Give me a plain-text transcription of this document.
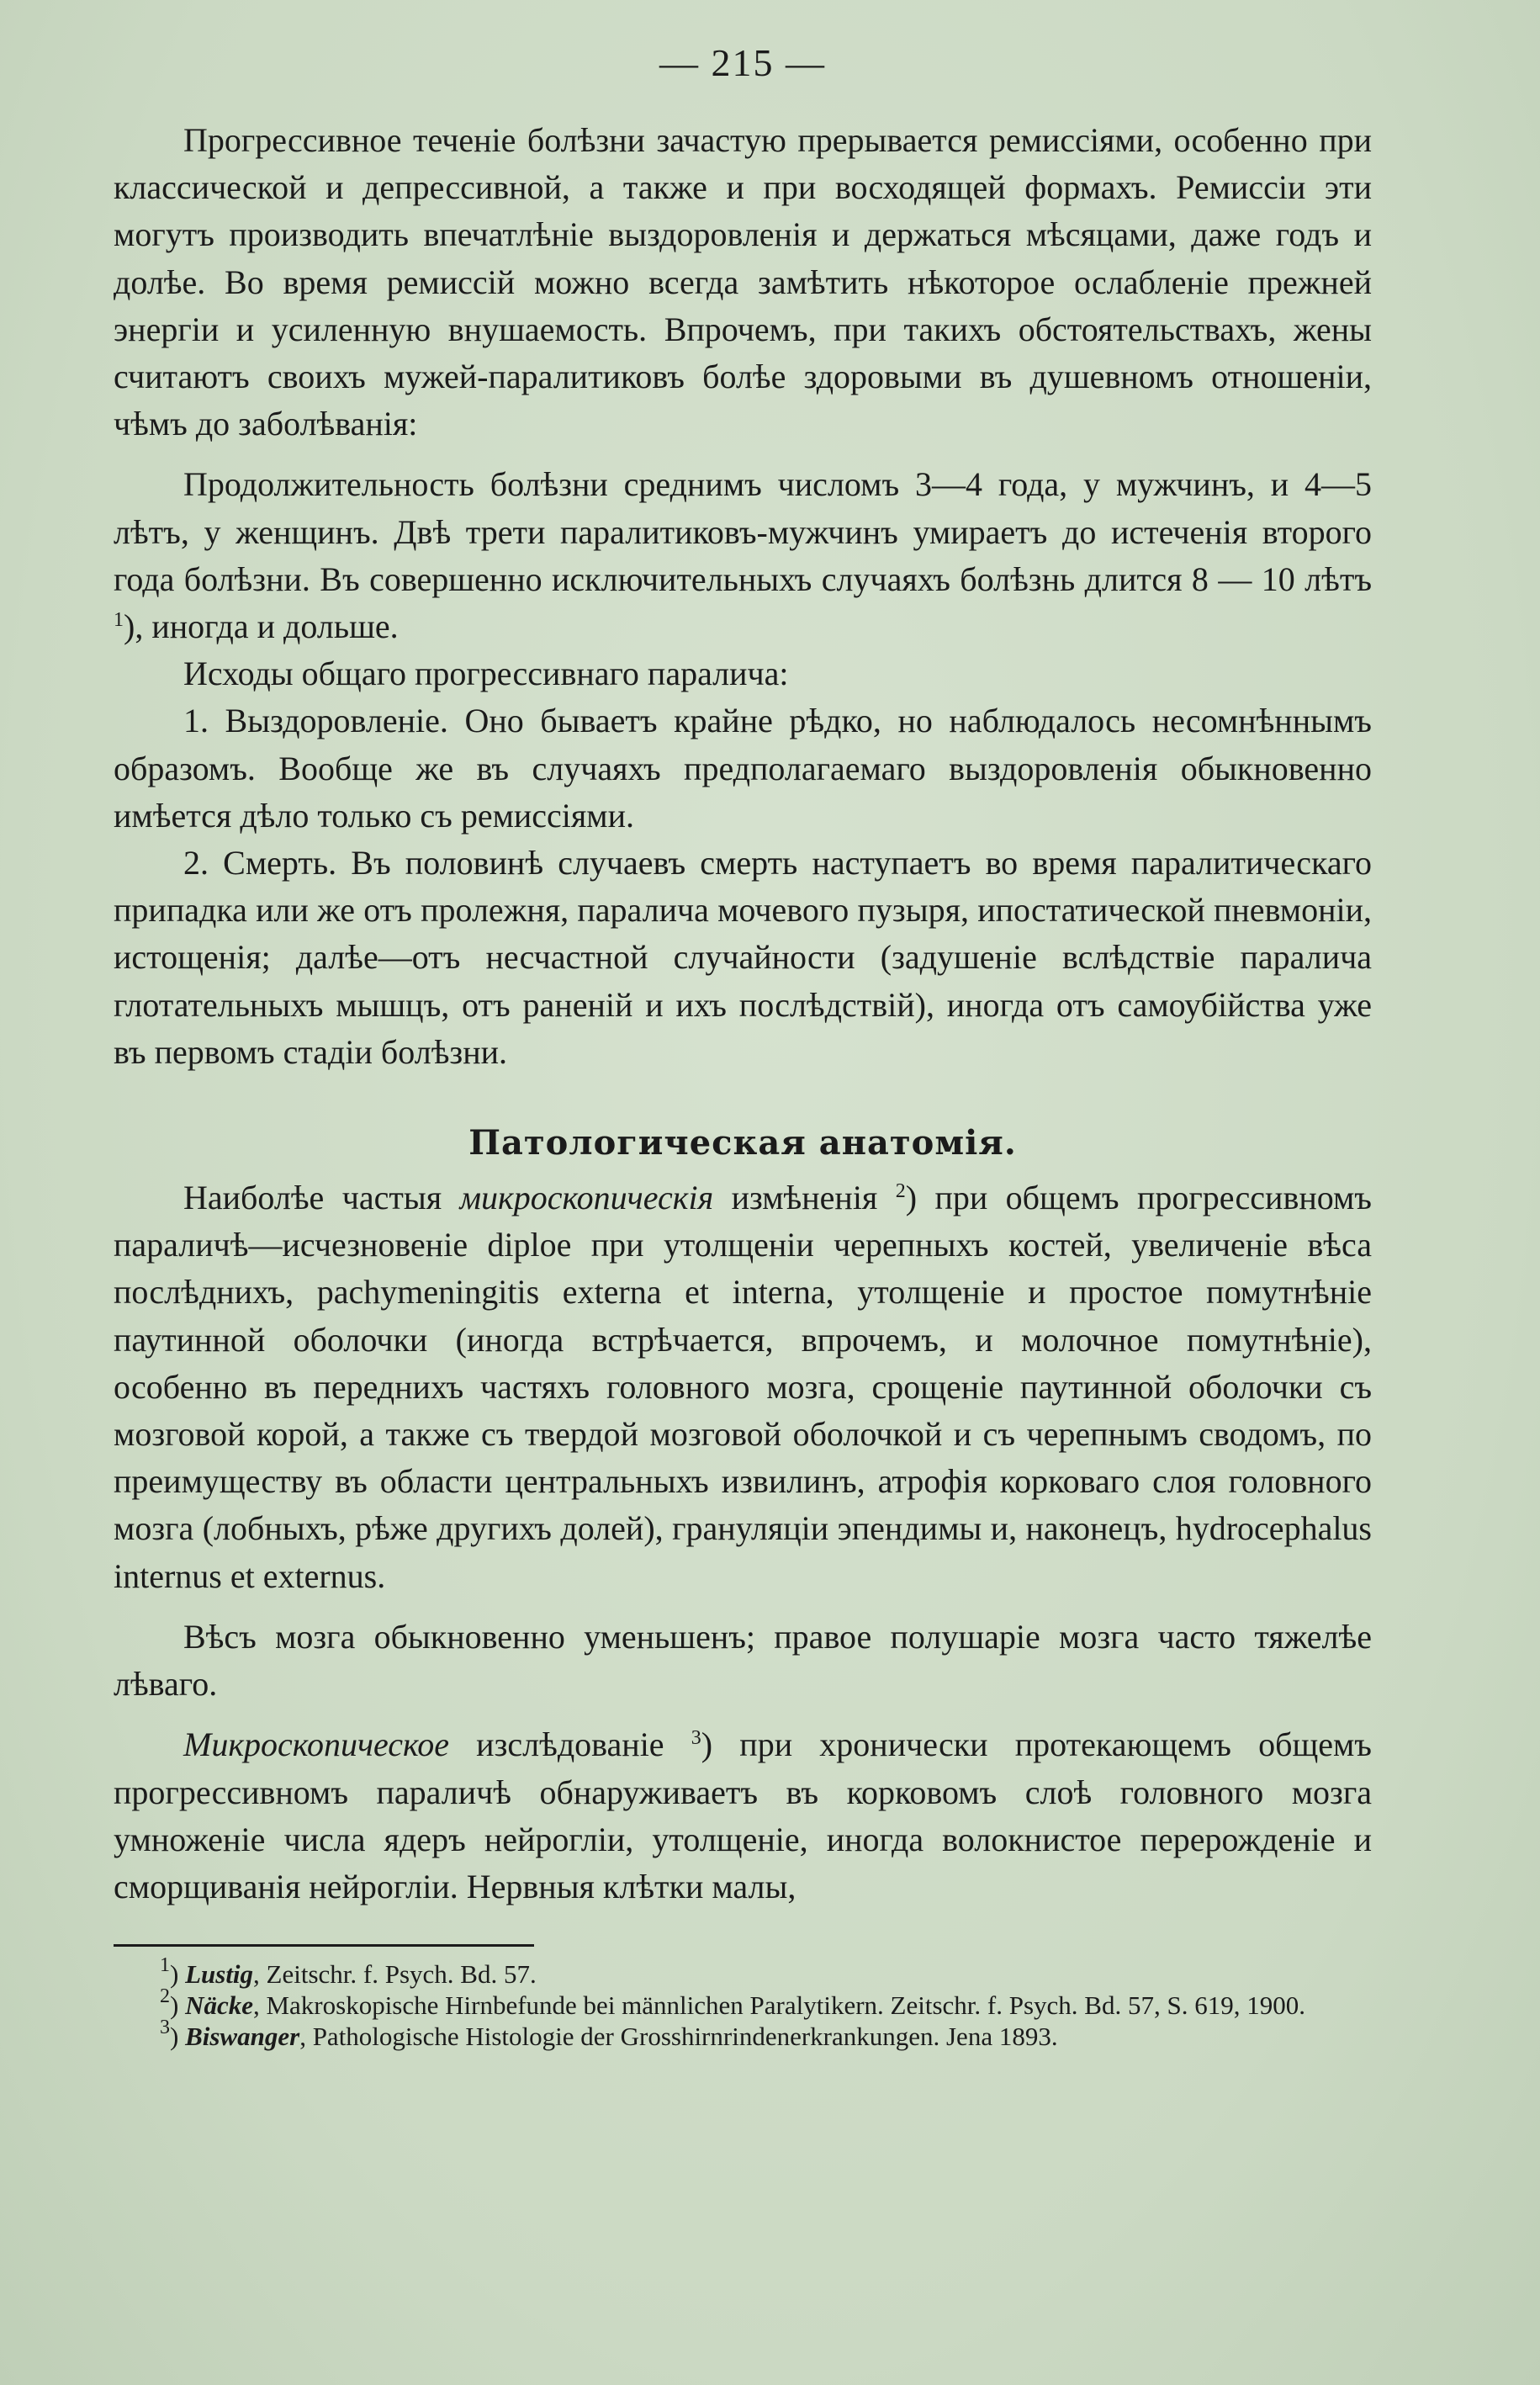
— 215 —

Прогрессивное теченіе болѣзни зачастую прерывается ремиссіями, особенно при классической и депрессивной, а также и при восходящей формахъ. Ремиссіи эти могутъ производить впечатлѣніе выздоровленія и держаться мѣсяцами, даже годъ и долѣе. Во время ремиссій можно всегда замѣтить нѣкоторое ослабленіе прежней энергіи и усиленную внушаемость. Впрочемъ, при такихъ обстоятельствахъ, жены считаютъ своихъ мужей-паралитиковъ болѣе здоровыми въ душевномъ отношеніи, чѣмъ до заболѣванія:

Продолжительность болѣзни среднимъ числомъ 3—4 года, у мужчинъ, и 4—5 лѣтъ, у женщинъ. Двѣ трети паралитиковъ-мужчинъ умираетъ до истеченія второго года болѣзни. Въ совершенно исключительныхъ случаяхъ болѣзнь длится 8 — 10 лѣтъ $^1$), иногда и дольше.

Исходы общаго прогрессивнаго паралича:

1. Выздоровленіе. Оно бываетъ крайне рѣдко, но наблюдалось несомнѣннымъ образомъ. Вообще же въ случаяхъ предполагаемаго выздоровленія обыкновенно имѣется дѣло только съ ремиссіями.

2. Смерть. Въ половинѣ случаевъ смерть наступаетъ во время паралитическаго припадка или же отъ пролежня, паралича мочевого пузыря, ипостатической пневмоніи, истощенія; далѣе—отъ несчастной случайности (задушеніе вслѣдствіе паралича глотательныхъ мышцъ, отъ раненій и ихъ послѣдствій), иногда отъ самоубійства уже въ первомъ стадіи болѣзни.

Патологическая анатомія.

Наиболѣе частыя микроскопическія измѣненія $^2$) при общемъ прогрессивномъ параличѣ—исчезновеніе diploe при утолщеніи черепныхъ костей, увеличеніе вѣса послѣднихъ, pachymeningitis externa et interna, утолщеніе и простое помутнѣніе паутинной оболочки (иногда встрѣчается, впрочемъ, и молочное помутнѣніе), особенно въ переднихъ частяхъ головного мозга, срощеніе паутинной оболочки съ мозговой корой, а также съ твердой мозговой оболочкой и съ черепнымъ сводомъ, по преимуществу въ области центральныхъ извилинъ, атрофія корковаго слоя головного мозга (лобныхъ, рѣже другихъ долей), грануляціи эпендимы и, наконецъ, hydrocephalus internus et externus.

Вѣсъ мозга обыкновенно уменьшенъ; правое полушаріе мозга часто тяжелѣе лѣваго.

Микроскопическое изслѣдованіе $^3$) при хронически протекающемъ общемъ прогрессивномъ параличѣ обнаруживаетъ въ корковомъ слоѣ головного мозга умноженіе числа ядеръ нейрогліи, утолщеніе, иногда волокнистое перерожденіе и сморщиванія нейрогліи. Нервныя клѣтки малы,

$^1$) Lustig, Zeitschr. f. Psych. Bd. 57.

$^2$) Näcke, Makroskopische Hirnbefunde bei männlichen Paralytikern. Zeitschr. f. Psych. Bd. 57, S. 619, 1900.

$^3$) Biswanger, Pathologische Histologie der Grosshirnrindenerkrankungen. Jena 1893.
